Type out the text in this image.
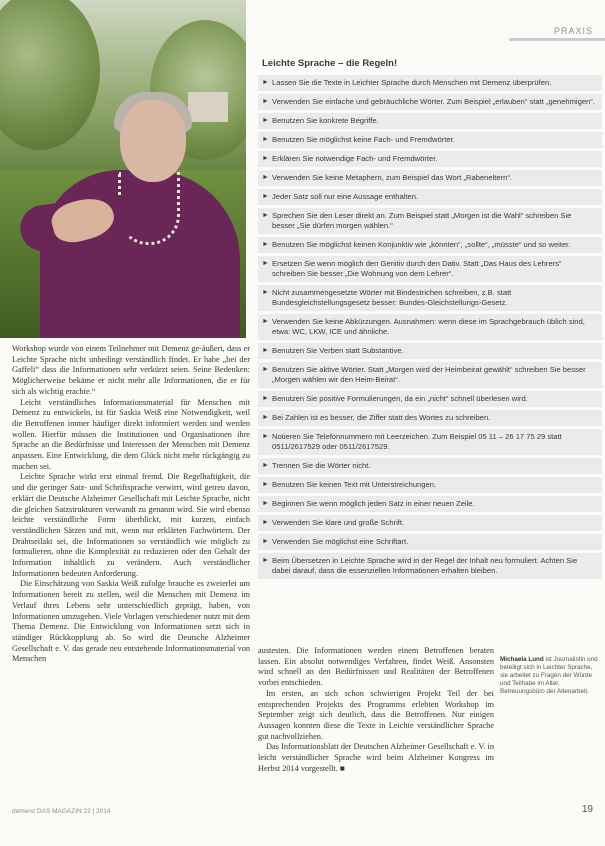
PRAXIS

Workshop wurde von einem Teilnehmer mit Demenz ge-äußert, dass er Leichte Sprache nicht unbedingt verständlich findet. Er habe „bei der Gaffeli“ dass die Informationen sehr verkürzt seien. Seine Bedenken: Möglicherweise bekäme er nicht mehr alle Informationen, die er für sich als wichtig erachte.“

Leicht verständliches Informationsmaterial für Menschen mit Demenz zu entwickeln, ist für Saskia Weiß eine Notwendigkeit, weil die Betroffenen immer häufiger direkt informiert werden und werden wollen. Hierfür müssen die Institutionen und Organisationen ihre Sprache an die Bedürfnisse und Interessen der Menschen mit Demenz anpassen. Eine Entwicklung, die dem Glück nicht mehr rückgängig zu machen sei.

Leichte Sprache wirkt erst einmal fremd. Die Regelhaftigkeit, die und die geringer Satz- und Schriftsprache verwirrt, wird getreu davon, erklärt die Deutsche Alzheimer Gesellschaft mit Leichte Sprache, nicht die gleichen Satzstrukturen verwandt zu genannt wird. Sie wird ebenso leichte verständliche Form überblickt, mit kurzen, einfach verständlichen Sätzen und mit, wenn nur erklärten Fachwörtern. Der Drahtseilakt sei, die Informationen so verständlich wie möglich zu formulieren, ohne die Komplexität zu reduzieren oder den Gehalt der Information inhaltlich zu verändern. Auch verständlicher Informationen bedeuten Anforderung.

Die Einschätzung von Saskia Weiß zufolge brauche es zweierlei um Informationen bereit zu stellen, weil die Menschen mit Demenz im Verlauf ihres Lebens sehr unterschiedlich geprägt, haben, von Informationen umzugehen. Viele Vorlagen verschiedener nutzt mit dem Thema Demenz. Die Entwicklung von Informationen setzt sich in ständiger Rückkopplung ab. So wird die Deutsche Alzheimer Gesellschaft e. V. das gerade neu entstehende Informationsmaterial von Menschen

Leichte Sprache – die Regeln!
► Lassen Sie die Texte in Leichter Sprache durch Menschen mit Demenz überprüfen.
► Verwenden Sie einfache und gebräuchliche Wörter. Zum Beispiel „erlauben“ statt „genehmigen“.
► Benutzen Sie konkrete Begriffe.
► Benutzen Sie möglichst keine Fach- und Fremdwörter.
► Erklären Sie notwendige Fach- und Fremdwörter.
► Verwenden Sie keine Metaphern, zum Beispiel das Wort „Rabeneltern“.
► Jeder Satz soll nur eine Aussage enthalten.
► Sprechen Sie den Leser direkt an. Zum Beispiel statt „Morgen ist die Wahl“ schreiben Sie besser „Sie dürfen morgen wählen.“
► Benutzen Sie möglichst keinen Konjunktiv wie „könnten“, „sollte“, „müsste“ und so weiter.
► Ersetzen Sie wenn möglich den Genitiv durch den Dativ. Statt „Das Haus des Lehrers“ schreiben Sie besser „Die Wohnung von dem Lehrer“.
► Nicht zusammengesetzte Wörter mit Bindestrichen schreiben, z.B. statt Bundesgleichstellungsgesetz besser: Bundes-Gleichstellungs-Gesetz.
► Verwenden Sie keine Abkürzungen. Ausnahmen: wenn diese im Sprachgebrauch üblich sind, etwa: WC, LKW, ICE und ähnliche.
► Benutzen Sie Verben statt Substantive.
► Benutzen Sie aktive Wörter. Statt „Morgen wird der Heimbeirat gewählt“ schreiben Sie besser „Morgen wählen wir den Heim-Beirat“.
► Benutzen Sie positive Formulierungen, da ein „nicht“ schnell überlesen wird.
► Bei Zahlen ist es besser, die Ziffer statt des Wortes zu schreiben.
► Notieren Sie Telefonnummern mit Leerzeichen. Zum Beispiel 05 11 – 26 17 75 29 statt 0511/2617529 oder 0511/2617529.
► Trennen Sie die Wörter nicht.
► Benutzen Sie keinen Text mit Unterstreichungen.
► Beginnen Sie wenn möglich jeden Satz in einer neuen Zeile.
► Verwenden Sie klare und große Schrift.
► Verwenden Sie möglichst eine Schriftart.
► Beim Übersetzen in Leichte Sprache wird in der Regel der Inhalt neu formuliert. Achten Sie dabei darauf, dass die essenziellen Informationen erhalten bleiben.

austesten. Die Informationen werden einem Betroffenen beraten lassen. Ein absolut notwendiges Verfahren, findet Weiß. Ansonsten wird schnell an den Bedürfnissen und Realitäten der Betroffenen vorbei entschieden.

Im ersten, an sich schon schwierigen Projekt Teil der bei entsprechenden Projekts des Programms erlebten Workshop im September zeigt sich deutlich, dass die Betroffenen. Nur einigen Aussagen konnten diese die Texte in Leichte verständlicher Sprache gut nachvollziehen.

Das Informationsblatt der Deutschen Alzheimer Gesellschaft e. V. in leicht verständlicher Sprache wird beim Alzheimer Kongress im Herbst 2014 vorgestellt. ■

Michaela Lund ist Journalistin und beteiligt sich in Leichter Sprache, sie arbeitet zu Fragen der Würde und Teilhabe im Alter. Betreuungsbüro der Altenarbeit.
demenz DAS MAGAZIN 22 | 2014	19
